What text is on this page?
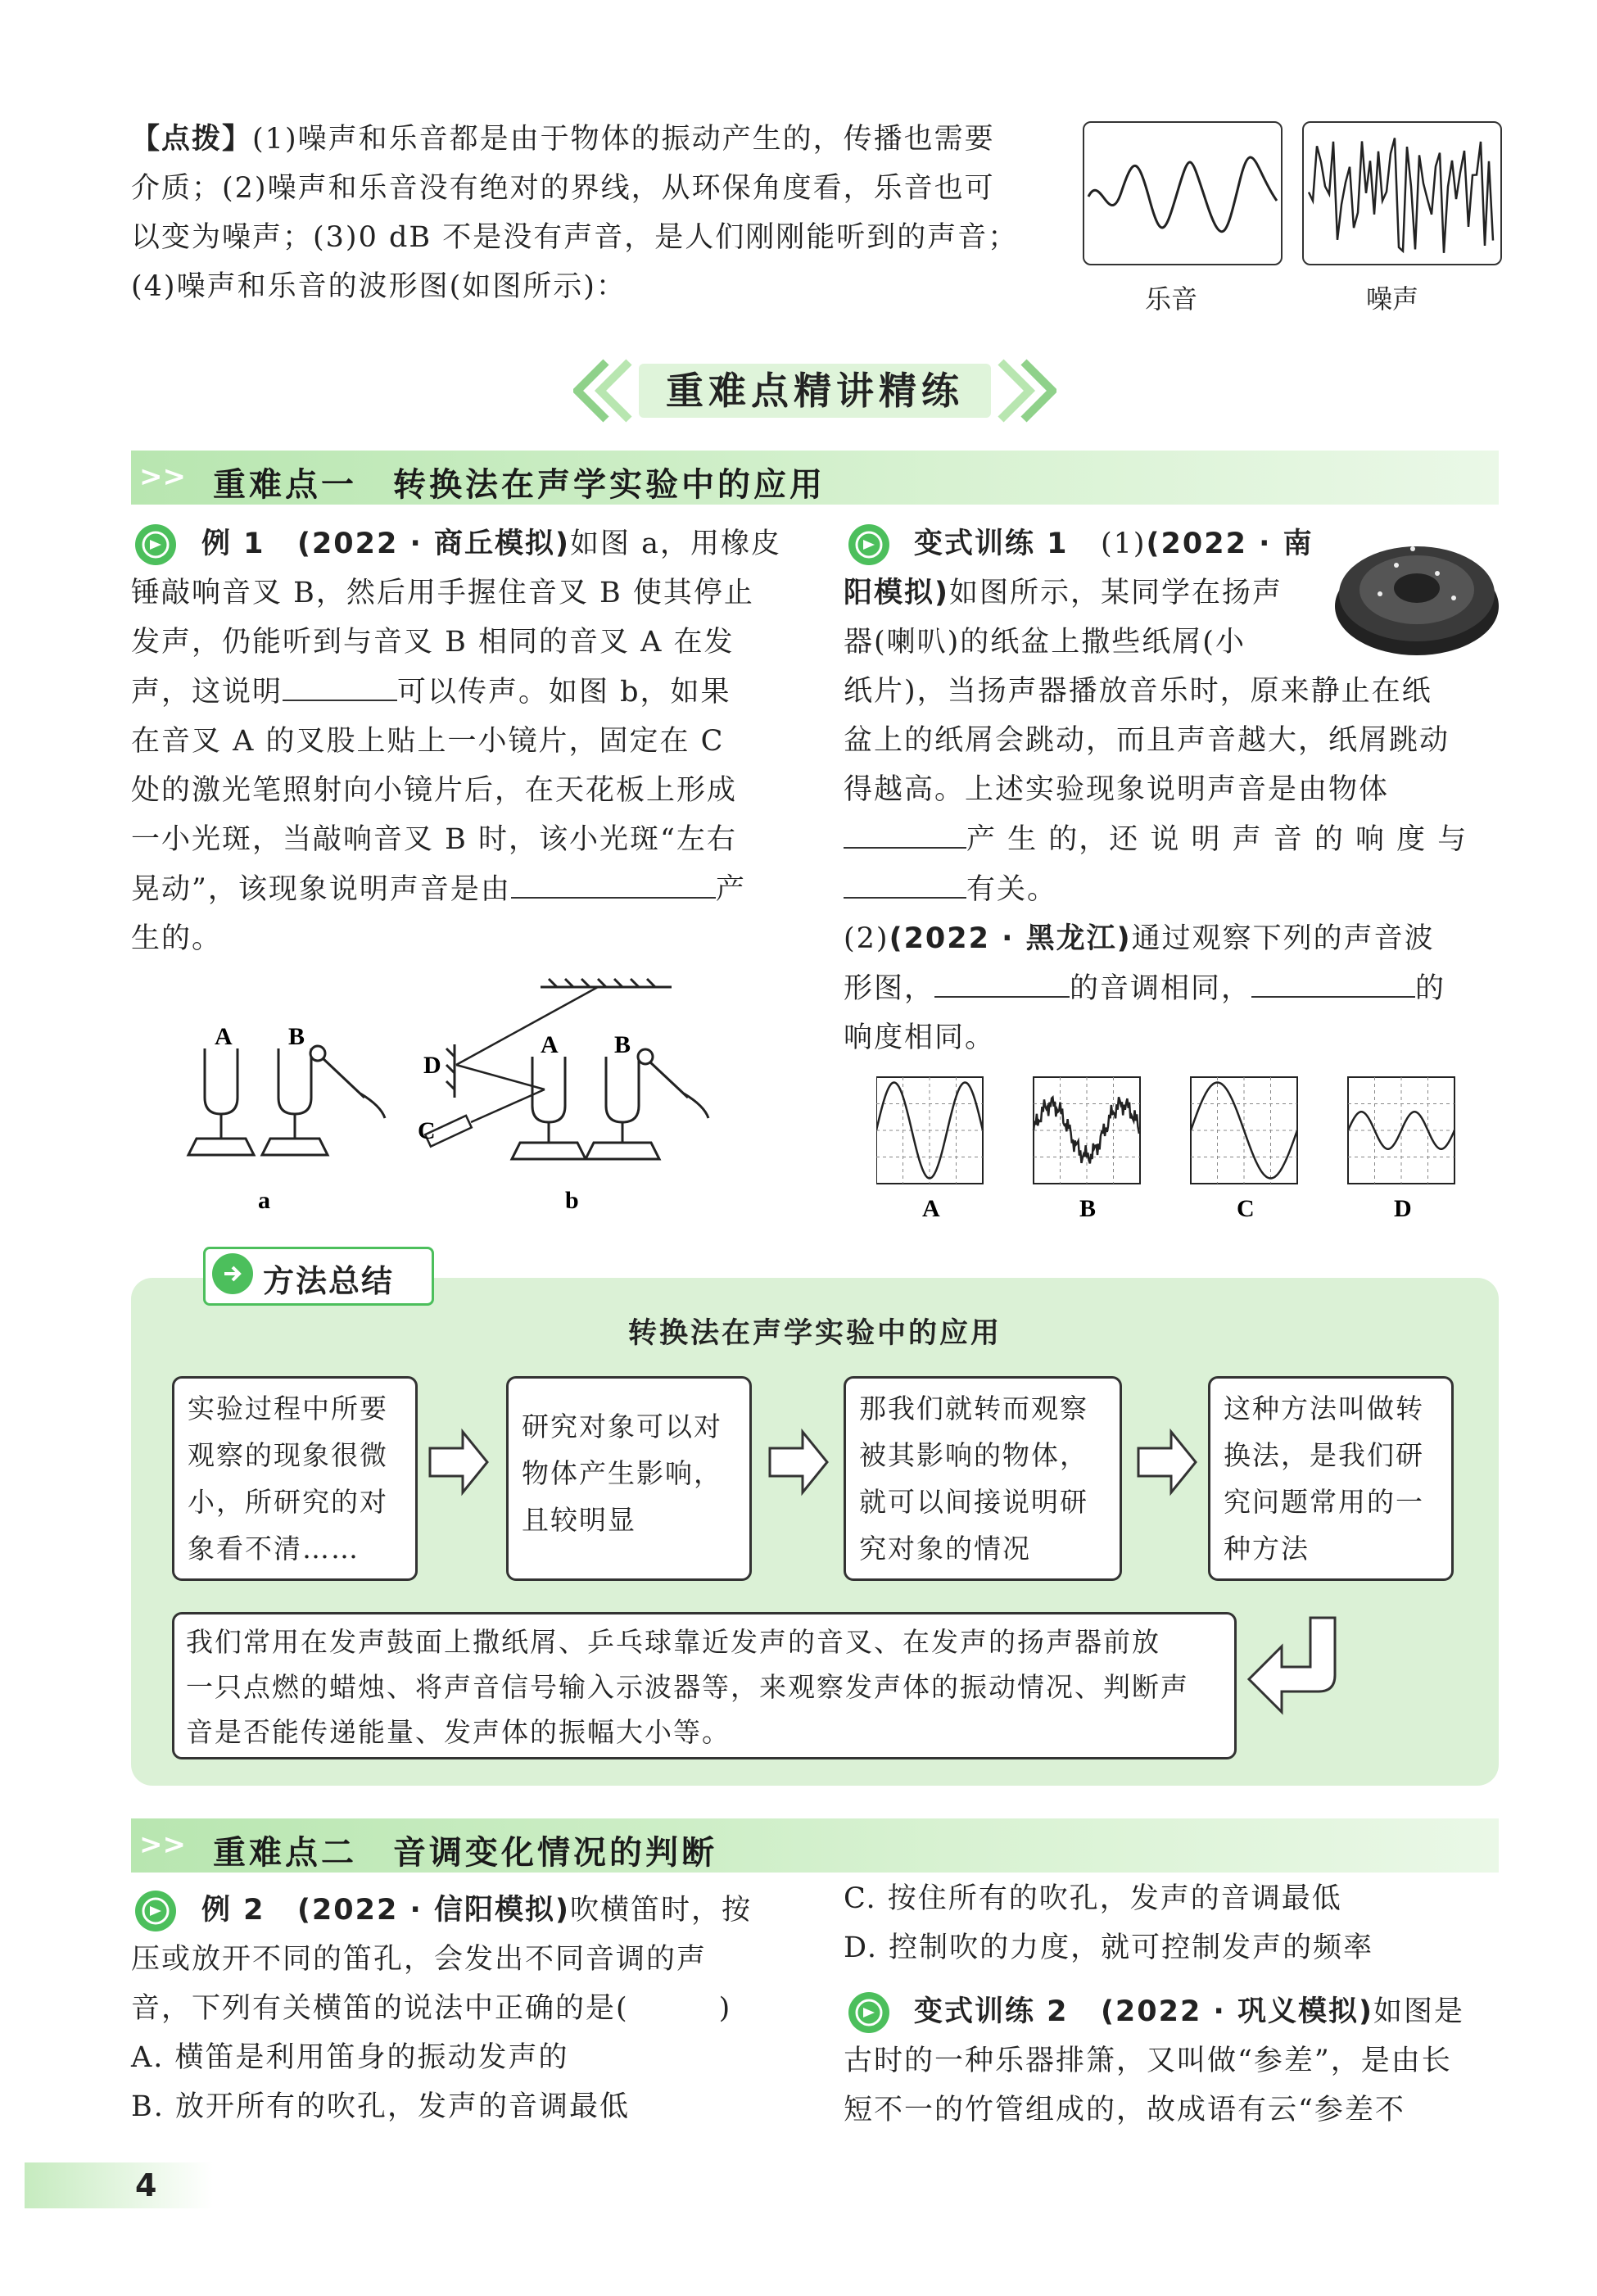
【点拨】(1)噪声和乐音都是由于物体的振动产生的，传播也需要
介质；(2)噪声和乐音没有绝对的界线，从环保角度看，乐音也可
以变为噪声；(3)0 dB 不是没有声音，是人们刚刚能听到的声音；
(4)噪声和乐音的波形图(如图所示)：	乐音	噪声
重难点精讲精练
>> 重难点一　转换法在声学实验中的应用
例 1 (2022 · 商丘模拟)如图 a，用橡皮
锤敲响音叉 B，然后用手握住音叉 B 使其停止
发声，仍能听到与音叉 B 相同的音叉 A 在发
声，这说明	可以传声。如图 b，如果
在音叉 A 的叉股上贴上一小镜片，固定在 C
处的激光笔照射向小镜片后，在天花板上形成
一小光斑，当敲响音叉 B 时，该小光斑“左右
晃动”，该现象说明声音是由	产
生的。
A B
D
C
A B
a	b
变式训练 1 (1)(2022 · 南
阳模拟)如图所示，某同学在扬声
器(喇叭)的纸盆上撒些纸屑(小
纸片)，当扬声器播放音乐时，原来静止在纸
盆上的纸屑会跳动，而且声音越大，纸屑跳动
得越高。上述实验现象说明声音是由物体
产 生 的，还 说 明 声 音 的 响 度 与
有关。
(2)(2022 · 黑龙江)通过观察下列的声音波
形图，	的音调相同，	的
响度相同。
A	B	C	D
方法总结
转换法在声学实验中的应用
实验过程中所要
观察的现象很微
小，所研究的对
象看不清……
研究对象可以对
物体产生影响，
且较明显
那我们就转而观察
被其影响的物体，
就可以间接说明研
究对象的情况
这种方法叫做转
换法，是我们研
究问题常用的一
种方法
我们常用在发声鼓面上撒纸屑、乒乓球靠近发声的音叉、在发声的扬声器前放
一只点燃的蜡烛、将声音信号输入示波器等，来观察发声体的振动情况、判断声
音是否能传递能量、发声体的振幅大小等。
>> 重难点二　音调变化情况的判断
例 2 (2022 · 信阳模拟)吹横笛时，按
压或放开不同的笛孔，会发出不同音调的声
音，下列有关横笛的说法中正确的是(	)
A. 横笛是利用笛身的振动发声的
B. 放开所有的吹孔，发声的音调最低
C. 按住所有的吹孔，发声的音调最低
D. 控制吹的力度，就可控制发声的频率
变式训练 2 (2022 · 巩义模拟)如图是
古时的一种乐器排箫，又叫做“参差”，是由长
短不一的竹管组成的，故成语有云“参差不
4
